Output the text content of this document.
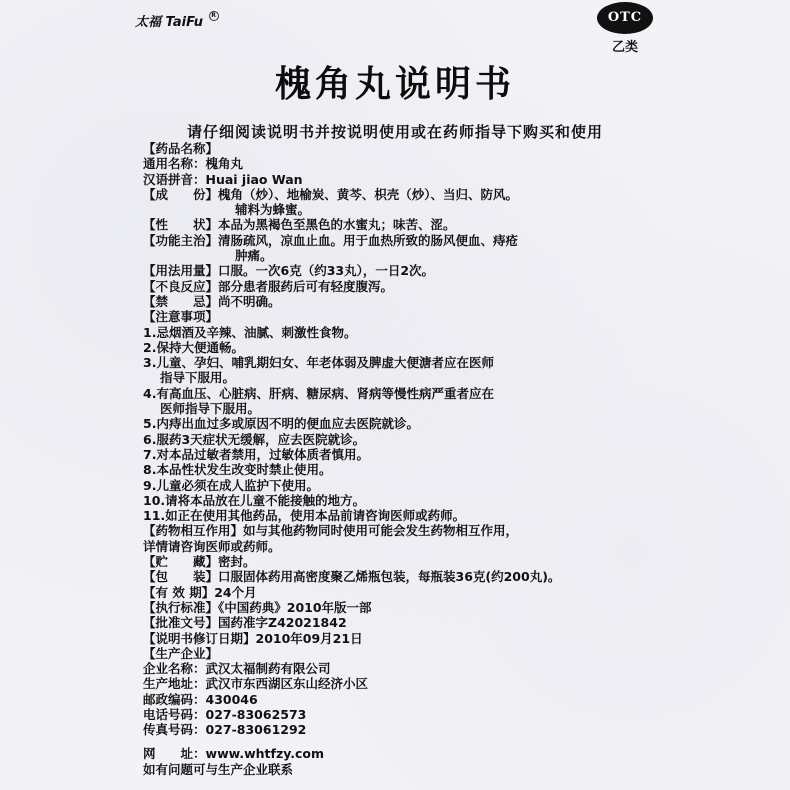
太福 TaiFu R	OTC
乙类
槐角丸说明书
请仔细阅读说明书并按说明使用或在药师指导下购买和使用
【药品名称】
通用名称：槐角丸
汉语拼音：Huai jiao Wan
【成　　份】槐角（炒）、地榆炭、黄芩、枳壳（炒）、当归、防风。
辅料为蜂蜜。
【性　　状】本品为黑褐色至黑色的水蜜丸；味苦、涩。
【功能主治】清肠疏风，凉血止血。用于血热所致的肠风便血、痔疮
肿痛。
【用法用量】口服。一次6克（约33丸），一日2次。
【不良反应】部分患者服药后可有轻度腹泻。
【禁　　忌】尚不明确。
【注意事项】
1.忌烟酒及辛辣、油腻、刺激性食物。
2.保持大便通畅。
3.儿童、孕妇、哺乳期妇女、年老体弱及脾虚大便溏者应在医师
指导下服用。
4.有高血压、心脏病、肝病、糖尿病、肾病等慢性病严重者应在
医师指导下服用。
5.内痔出血过多或原因不明的便血应去医院就诊。
6.服药3天症状无缓解，应去医院就诊。
7.对本品过敏者禁用，过敏体质者慎用。
8.本品性状发生改变时禁止使用。
9.儿童必须在成人监护下使用。
10.请将本品放在儿童不能接触的地方。
11.如正在使用其他药品，使用本品前请咨询医师或药师。
【药物相互作用】如与其他药物同时使用可能会发生药物相互作用，
详情请咨询医师或药师。
【贮　　藏】密封。
【包　　装】口服固体药用高密度聚乙烯瓶包装，每瓶装36克(约200丸)。
【有 效 期】24个月
【执行标准】《中国药典》2010年版一部
【批准文号】国药准字Z42021842
【说明书修订日期】2010年09月21日
【生产企业】
企业名称：武汉太福制药有限公司
生产地址：武汉市东西湖区东山经济小区
邮政编码：430046
电话号码：027-83062573
传真号码：027-83061292
网　　址：www.whtfzy.com
如有问题可与生产企业联系
